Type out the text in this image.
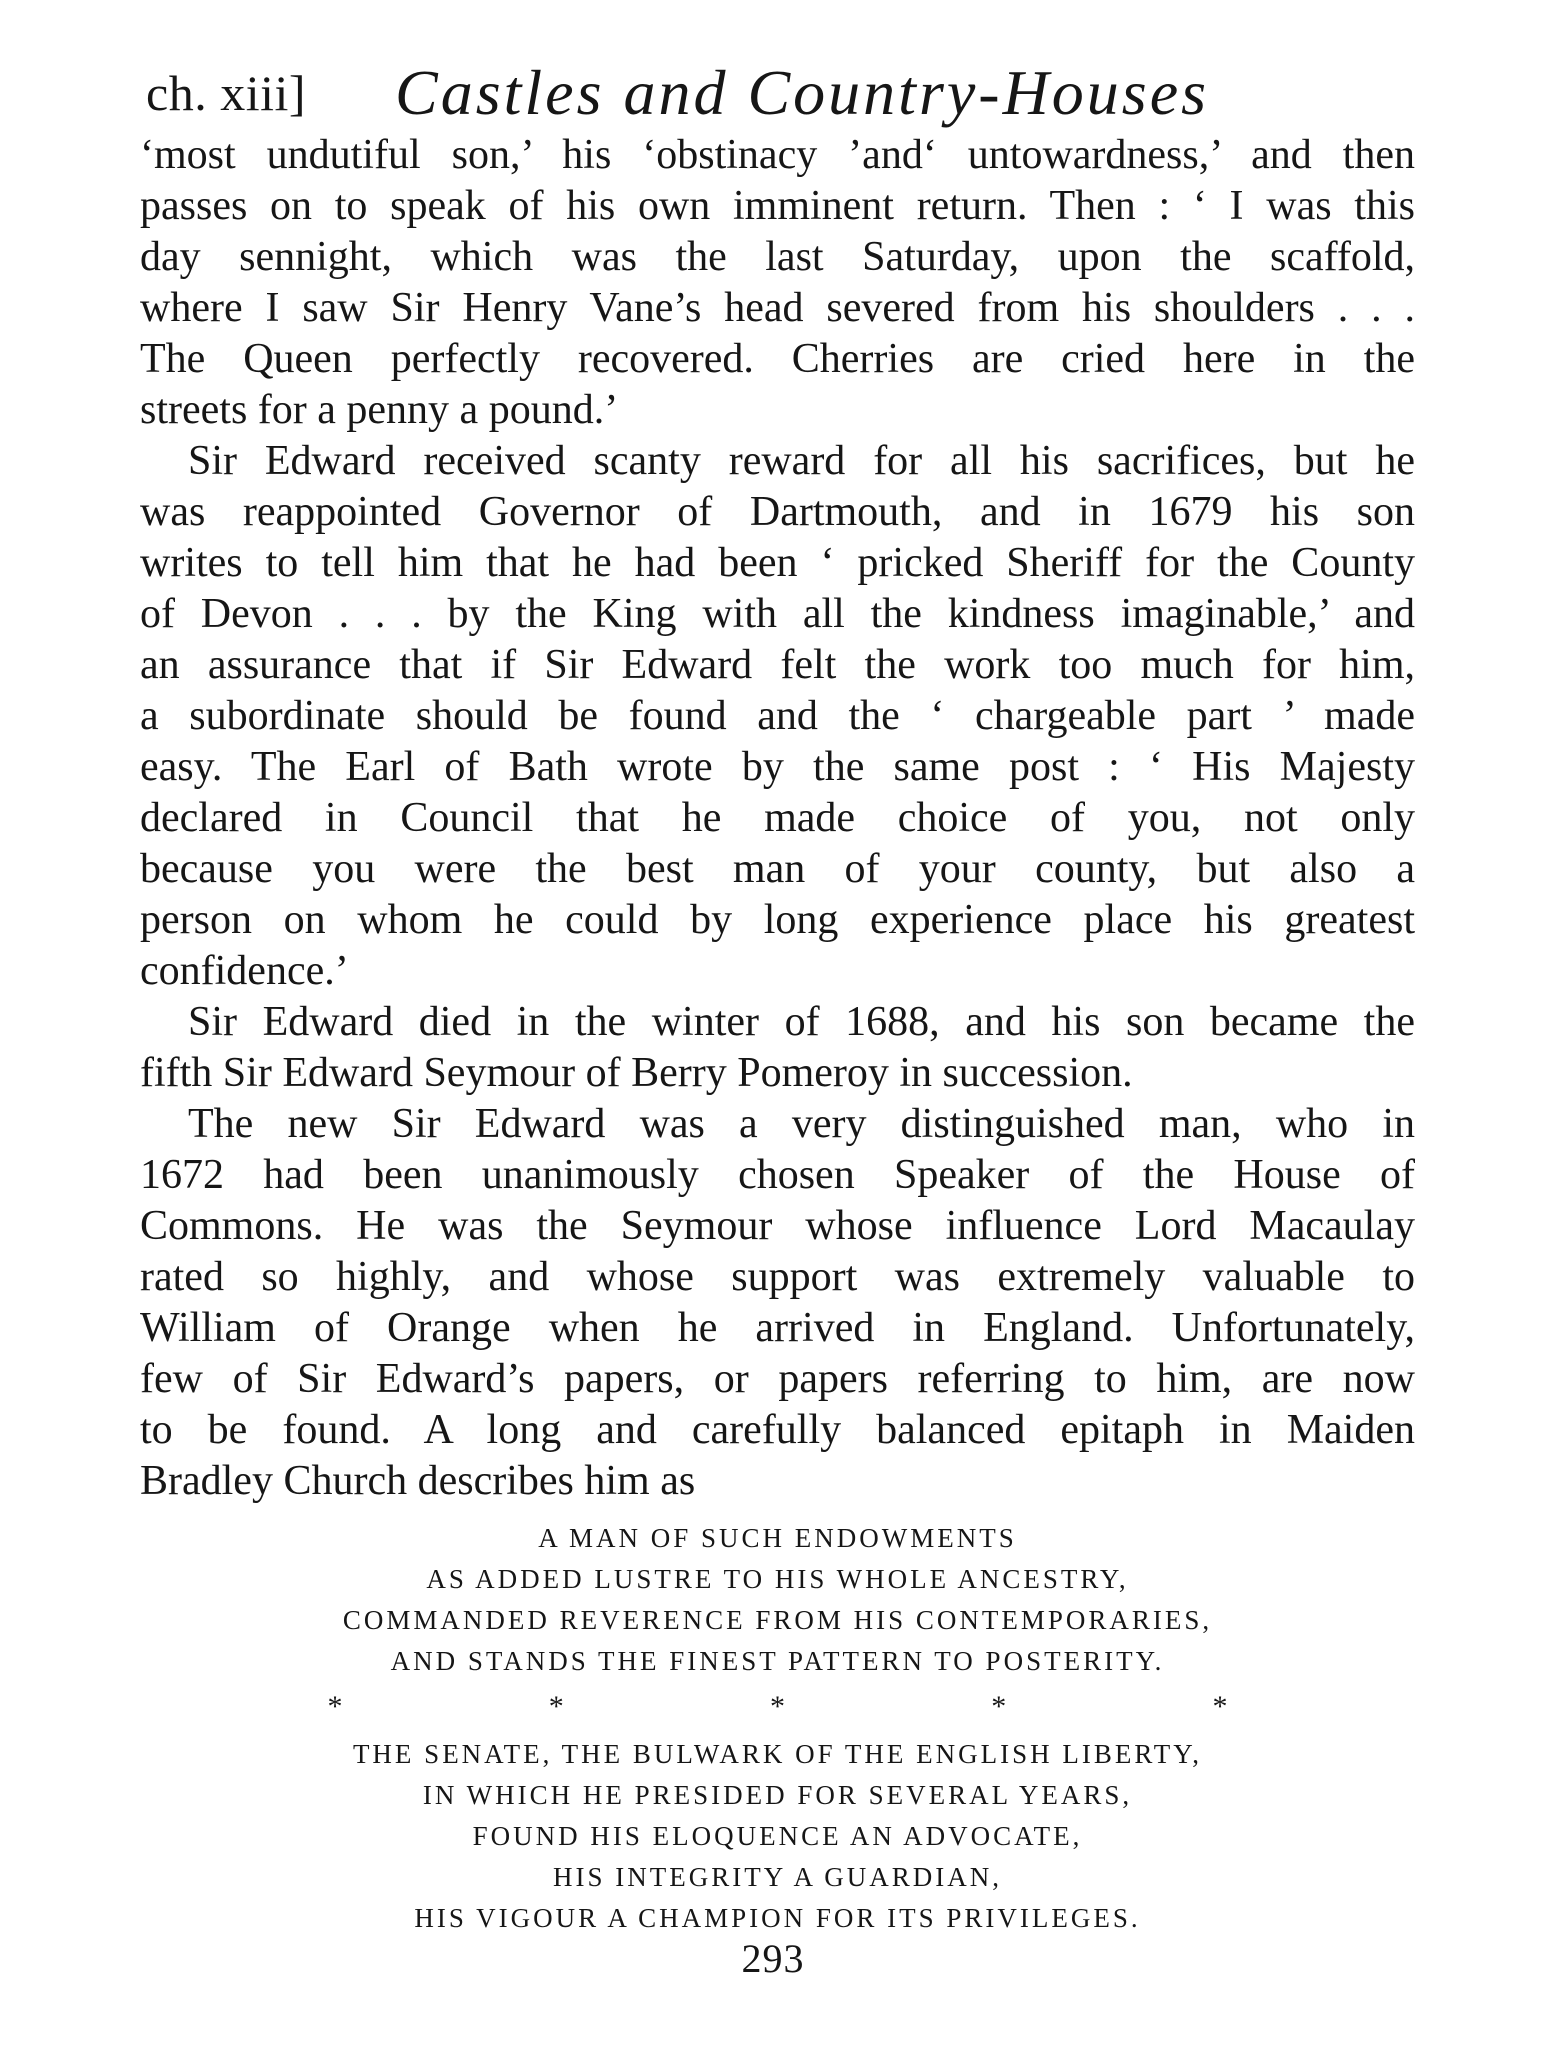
ch. xiii] Castles and Country-Houses
‘most undutiful son,’ his ‘obstinacy ’and‘ untowardness,’ and then
passes on to speak of his own imminent return. Then : ‘ I was this
day sennight, which was the last Saturday, upon the scaffold,
where I saw Sir Henry Vane’s head severed from his shoulders . . .
The Queen perfectly recovered. Cherries are cried here in the
streets for a penny a pound.’
Sir Edward received scanty reward for all his sacrifices, but he
was reappointed Governor of Dartmouth, and in 1679 his son
writes to tell him that he had been ‘ pricked Sheriff for the County
of Devon . . . by the King with all the kindness imaginable,’ and
an assurance that if Sir Edward felt the work too much for him,
a subordinate should be found and the ‘ chargeable part ’ made
easy. The Earl of Bath wrote by the same post : ‘ His Majesty
declared in Council that he made choice of you, not only
because you were the best man of your county, but also a
person on whom he could by long experience place his greatest
confidence.’
Sir Edward died in the winter of 1688, and his son became the
fifth Sir Edward Seymour of Berry Pomeroy in succession.
The new Sir Edward was a very distinguished man, who in
1672 had been unanimously chosen Speaker of the House of
Commons. He was the Seymour whose influence Lord Macaulay
rated so highly, and whose support was extremely valuable to
William of Orange when he arrived in England. Unfortunately,
few of Sir Edward’s papers, or papers referring to him, are now
to be found. A long and carefully balanced epitaph in Maiden
Bradley Church describes him as
A MAN OF SUCH ENDOWMENTS
AS ADDED LUSTRE TO HIS WHOLE ANCESTRY,
COMMANDED REVERENCE FROM HIS CONTEMPORARIES,
AND STANDS THE FINEST PATTERN TO POSTERITY.
* * * * *
THE SENATE, THE BULWARK OF THE ENGLISH LIBERTY,
IN WHICH HE PRESIDED FOR SEVERAL YEARS,
FOUND HIS ELOQUENCE AN ADVOCATE,
HIS INTEGRITY A GUARDIAN,
HIS VIGOUR A CHAMPION FOR ITS PRIVILEGES.
293
